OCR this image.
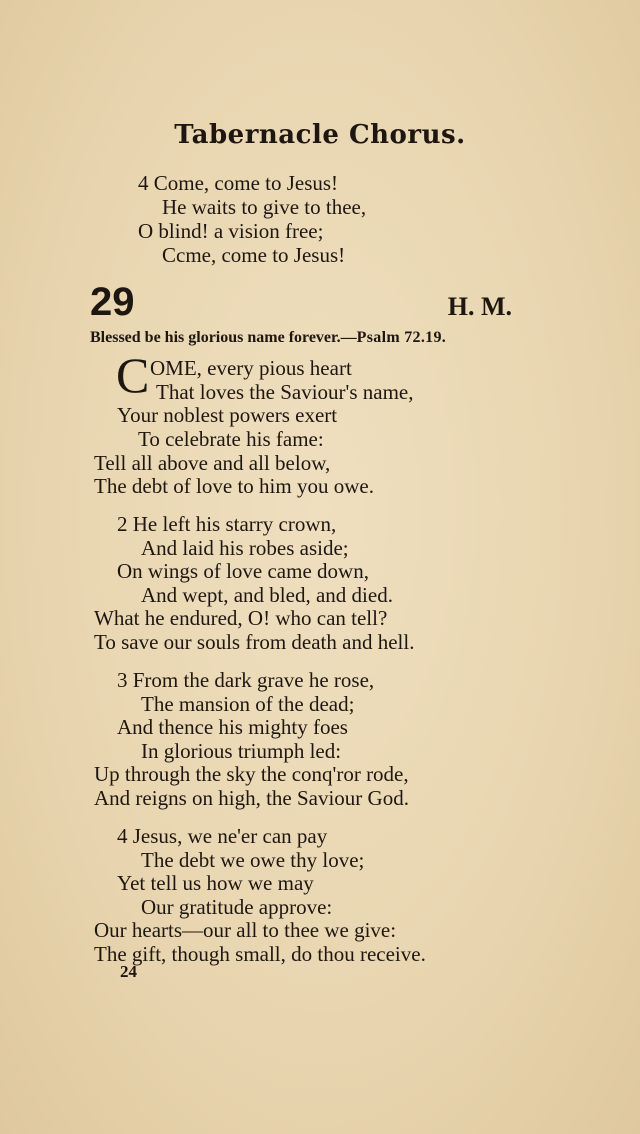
Tabernacle Chorus.
4 Come, come to Jesus!
He waits to give to thee,
O blind! a vision free;
Ccme, come to Jesus!
29	H. M.
Blessed be his glorious name forever.—Psalm 72.19.
C OME, every pious heart
That loves the Saviour's name,
Your noblest powers exert
To celebrate his fame:
Tell all above and all below,
The debt of love to him you owe.
2 He left his starry crown,
And laid his robes aside;
On wings of love came down,
And wept, and bled, and died.
What he endured, O! who can tell?
To save our souls from death and hell.
3 From the dark grave he rose,
The mansion of the dead;
And thence his mighty foes
In glorious triumph led:
Up through the sky the conq'ror rode,
And reigns on high, the Saviour God.
4 Jesus, we ne'er can pay
The debt we owe thy love;
Yet tell us how we may
Our gratitude approve:
Our hearts—our all to thee we give:
The gift, though small, do thou receive.
24
